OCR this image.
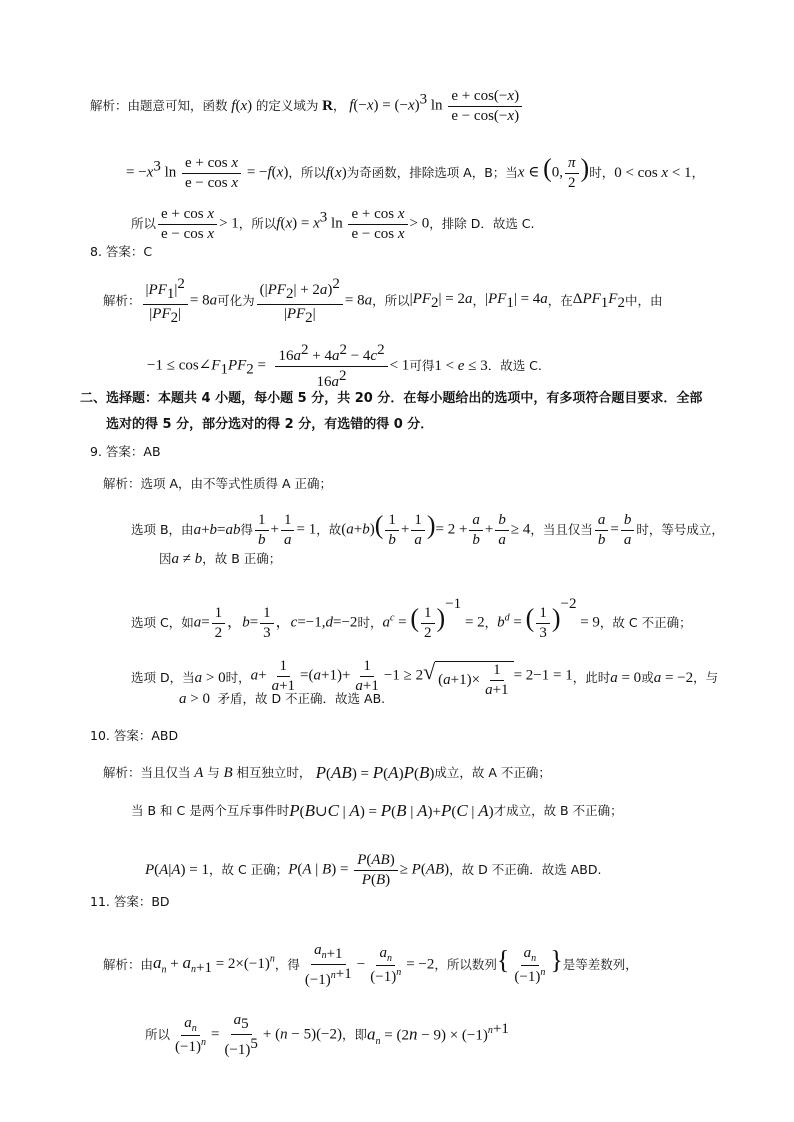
解析：由题意可知，函数 f(x) 的定义域为 R ， $f(-x) = (-x)^3$ $\ln \frac{e + \cos(-x)}{e - \cos(-x)}$
= $-x^3$ $\ln \frac{\text{e + cos x}}{\text{e − cos x}} = -f(x)$ ，所以 f(x) 为奇函数，排除选项 A，B；当 x ∈ (0, $\frac{\pi}{2}$ ) 时， 0 < cos x < 1 ，
所以 $\frac{\text{e + cos x}}{\text{e − cos x}} > 1$ ，所以 $f(x) = x^3$ $\ln \frac{\text{e + cos x}}{\text{e − cos x}} > 0$ ，排除 D．故选 C.
8. 答案：C
解析： $\frac{|PF_1|^2}{|PF_2|} = 8a$ 可化为 $\frac{(|PF_2| + 2a)^2}{|PF_2|} = 8a$ ，所以 $|PF_2| = 2a$ ， $|PF_1| = 4a$ ，在 $\Delta PF_1F_2$ 中，由
$-1 \le \cos\angle F_1PF_2 = \frac{16a^2 + 4a^2 - 4c^2}{16a^2} < 1$ 可得 1 < e ≤ 3 ．故选 C.
二、选择题：本题共 4 小题，每小题 5 分，共 20 分．在每小题给出的选项中，有多项符合题目要求．全部
选对的得 5 分，部分选对的得 2 分，有选错的得 0 分．
9. 答案：AB
解析：选项 A，由不等式性质得 A 正确；
选项 B，由 a+b=ab 得 $\frac{1}{b} + \frac{1}{a} = 1$ ，故 $(a+b)( \frac{1}{b} + \frac{1}{a}$ )= $2 + \frac{a}{b} + \frac{b}{a} \ge 4$ ，当且仅当 $\frac{a}{b} = \frac{b}{a}$ 时，等号成立，
因 a ≠ b ，故 B 正确；
选项 C，如 $a= \frac{1}{2}$ ，$b= \frac{1}{3}$ ，c=−1,d=−2 时， $a^c$ = ( $\frac{1}{2} )^{-1} = 2$ ， $b^d$ = ( $\frac{1}{3} )^{-2} = 9$ ，故 C 不正确；
选项 D，当 a > 0 时， $a+ \frac{1}{a+1} =(a+1)+ \frac{1}{a+1} -1 \ge 2$ √ ( $a +1)\times \frac{1}{a+1} = 2-1 = 1$ ，此时 a = 0 或 a = −2 ，与
a > 0 矛盾，故 D 不正确．故选 AB.
10. 答案：ABD
解析：当且仅当 A 与 B 相互独立时， P(AB) = P(A)P(B) 成立，故 A 不正确；
当 B 和 C 是两个互斥事件时 P(B∪C | A) = P(B | A)+P(C | A) 才成立，故 B 不正确；
P(A|A) = 1 ，故 C 正确； P(A | $B) = \frac{P(AB)}{P(B)} \ge P(AB)$ ，故 D 不正确．故选 ABD.
11. 答案：BD
解析：由 $a_n + a_{n+1} = 2\times(-1)^n$ ，得 $\frac{a_{n+1}}{(-1)^{n+1}} - \frac{a_n}{(-1)^n} = -2$ ，所以数列 { $\frac{a_n}{(-1)^n}$ } 是等差数列，
所以 $\frac{a_n}{(-1)^n} = \frac{a_5}{(-1)^5} + (n - 5)(-2)$ ，即 $a_n = (2n - 9) \times (-1)^{n+1}$
